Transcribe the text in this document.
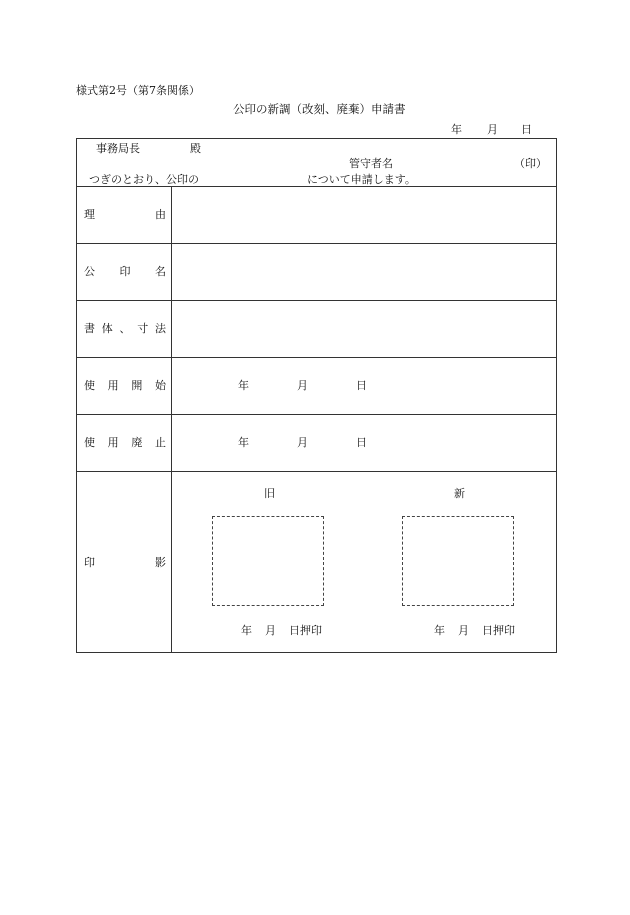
様式第2号（第7条関係）
公印の新調（改刻、廃棄）申請書
年 月 日
事務局長	殿
管守者名	（印）
つぎのとおり、公印の	について申請します。
理	由
公 印 名
書 体 、 寸 法
使 用 開 始	年	月	日
使 用 廃 止	年	月	日
印	影
旧	新
年 月 日押印	年 月 日押印
